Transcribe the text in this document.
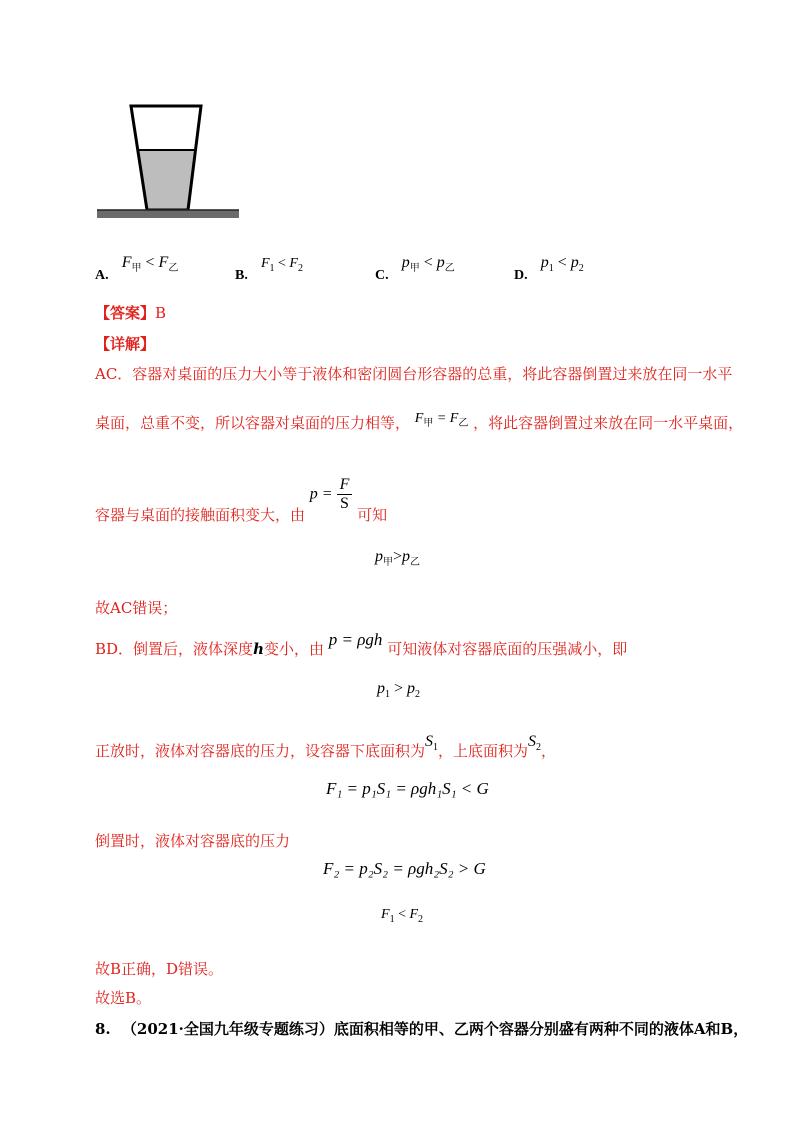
A. $F_甲 < F_乙$	B. $F_1 < F_2$	C. $p_甲 < p_乙$	D. $p_1 < p_2$
【答案】B
【详解】
AC．容器对桌面的压力大小等于液体和密闭圆台形容器的总重，将此容器倒置过来放在同一水平
桌面，总重不变，所以容器对桌面的压力相等， $F_甲 = F_乙$ ，将此容器倒置过来放在同一水平桌面，
容器与桌面的接触面积变大，由 $p = \frac{F}{S}$
可知
$p_甲>p_乙$
故AC错误；
BD．倒置后，液体深度h变小，由 p = ρgh 可知液体对容器底面的压强减小，即
$p_1 > p_2$
正放时，液体对容器底的压力，设容器下底面积为$S_1$，上底面积为$S_2$，
F₁ = p₁S₁ = ρgh₁S₁ < G
倒置时，液体对容器底的压力
F₂ = p₂S₂ = ρgh₂S₂ > G
$F_1 < F_2$
故B正确，D错误。
故选B。
8. （2021·全国九年级专题练习）底面积相等的甲、乙两个容器分别盛有两种不同的液体A和B，
